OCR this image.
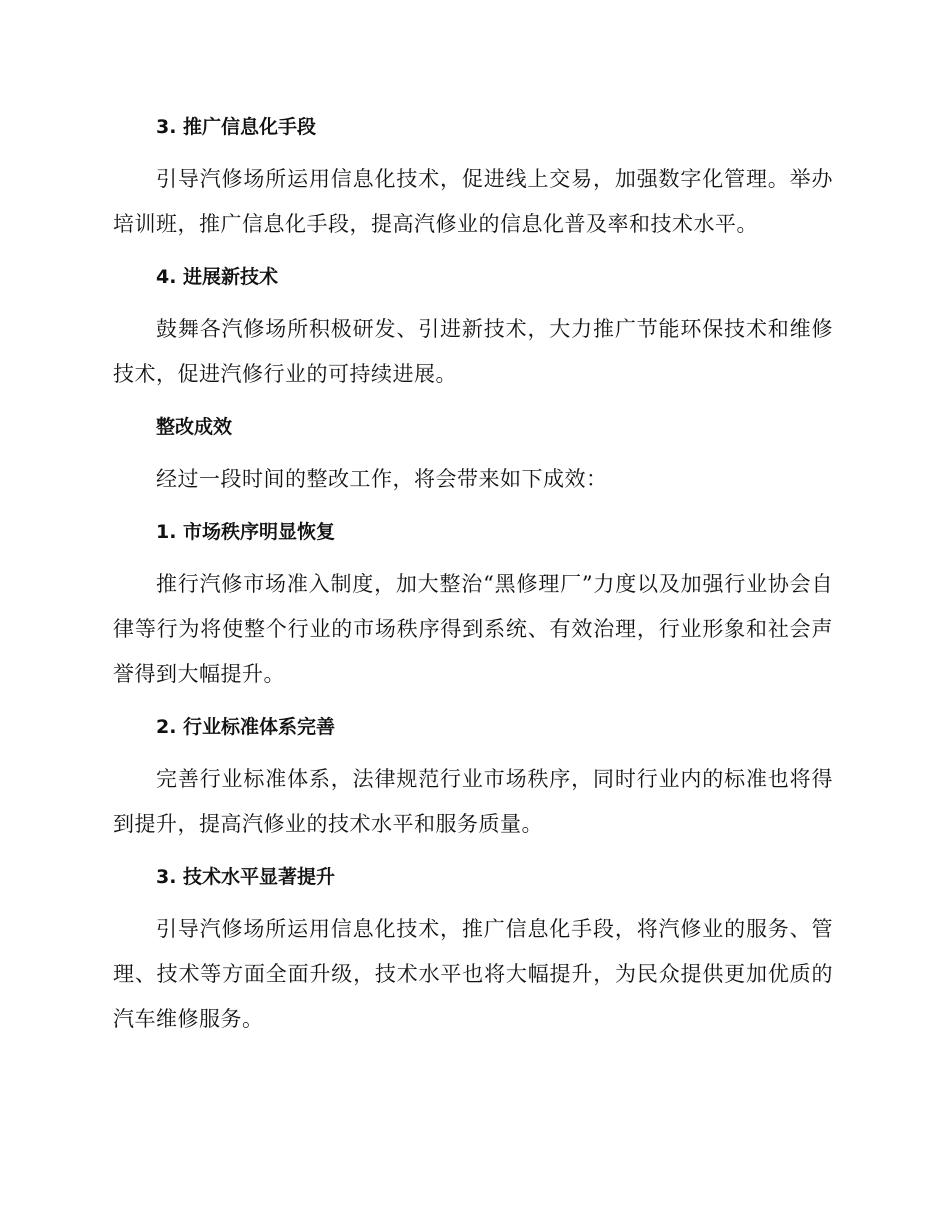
3. 推广信息化手段
引导汽修场所运用信息化技术，促进线上交易，加强数字化管理。举办培训班，推广信息化手段，提高汽修业的信息化普及率和技术水平。
4. 进展新技术
鼓舞各汽修场所积极研发、引进新技术，大力推广节能环保技术和维修技术，促进汽修行业的可持续进展。
整改成效
经过一段时间的整改工作，将会带来如下成效：
1. 市场秩序明显恢复
推行汽修市场准入制度，加大整治“黑修理厂”力度以及加强行业协会自律等行为将使整个行业的市场秩序得到系统、有效治理，行业形象和社会声誉得到大幅提升。
2. 行业标准体系完善
完善行业标准体系，法律规范行业市场秩序，同时行业内的标准也将得到提升，提高汽修业的技术水平和服务质量。
3. 技术水平显著提升
引导汽修场所运用信息化技术，推广信息化手段，将汽修业的服务、管理、技术等方面全面升级，技术水平也将大幅提升，为民众提供更加优质的汽车维修服务。
